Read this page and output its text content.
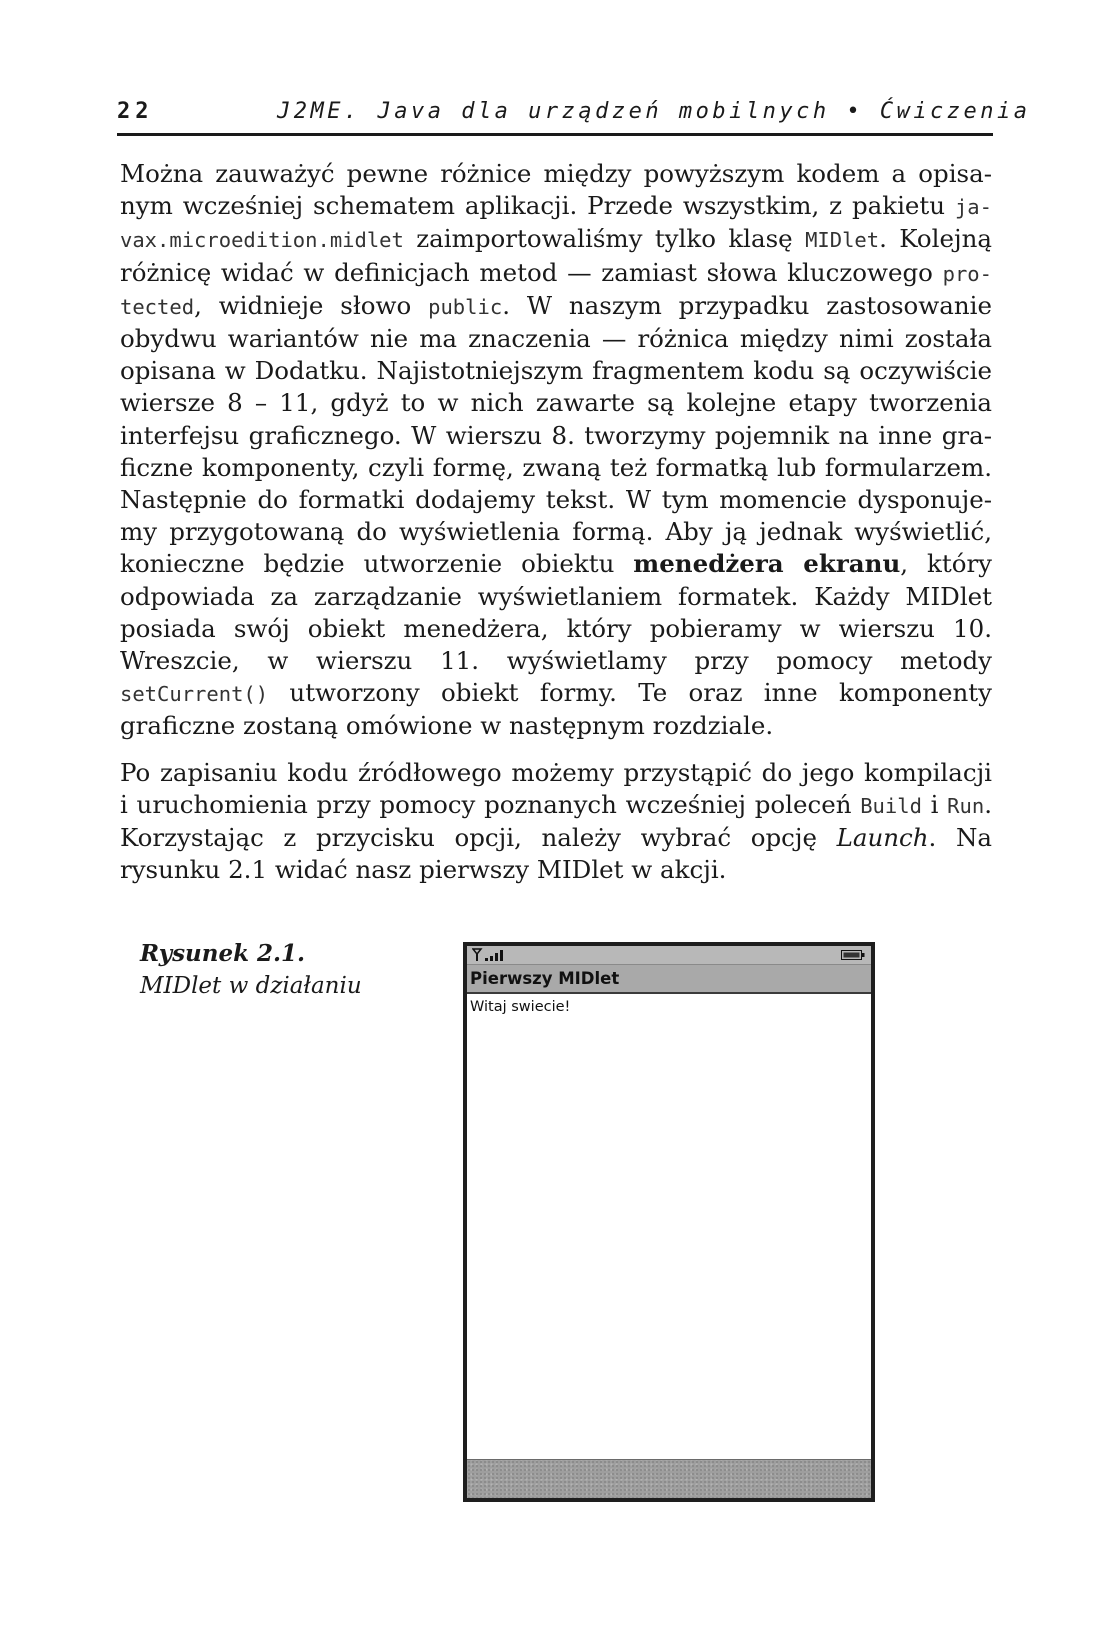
22	J2ME. Java dla urządzeń mobilnych • Ćwiczenia

Można zauważyć pewne różnice między powyższym kodem a opisanym wcześniej schematem aplikacji. Przede wszystkim, z pakietu javax.microedition.midlet zaimportowaliśmy tylko klasę MIDlet. Kolejną różnicę widać w definicjach metod — zamiast słowa kluczowego protected, widnieje słowo public. W naszym przypadku zastosowanie obydwu wariantów nie ma znaczenia — różnica między nimi została opisana w Dodatku. Najistotniejszym fragmentem kodu są oczywiście wiersze 8 – 11, gdyż to w nich zawarte są kolejne etapy tworzenia interfejsu graficznego. W wierszu 8. tworzymy pojemnik na inne graficzne komponenty, czyli formę, zwaną też formatką lub formularzem. Następnie do formatki dodajemy tekst. W tym momencie dysponujemy przygotowaną do wyświetlenia formą. Aby ją jednak wyświetlić, konieczne będzie utworzenie obiektu menedżera ekranu, który odpowiada za zarządzanie wyświetlaniem formatek. Każdy MIDlet posiada swój obiekt menedżera, który pobieramy w wierszu 10. Wreszcie, w wierszu 11. wyświetlamy przy pomocy metody setCurrent() utworzony obiekt formy. Te oraz inne komponenty graficzne zostaną omówione w następnym rozdziale.

Po zapisaniu kodu źródłowego możemy przystąpić do jego kompilacji i uruchomienia przy pomocy poznanych wcześniej poleceń Build i Run. Korzystając z przycisku opcji, należy wybrać opcję Launch. Na rysunku 2.1 widać nasz pierwszy MIDlet w akcji.

Rysunek 2.1.
MIDlet w działaniu	Pierwszy MIDlet
Witaj swiecie!
